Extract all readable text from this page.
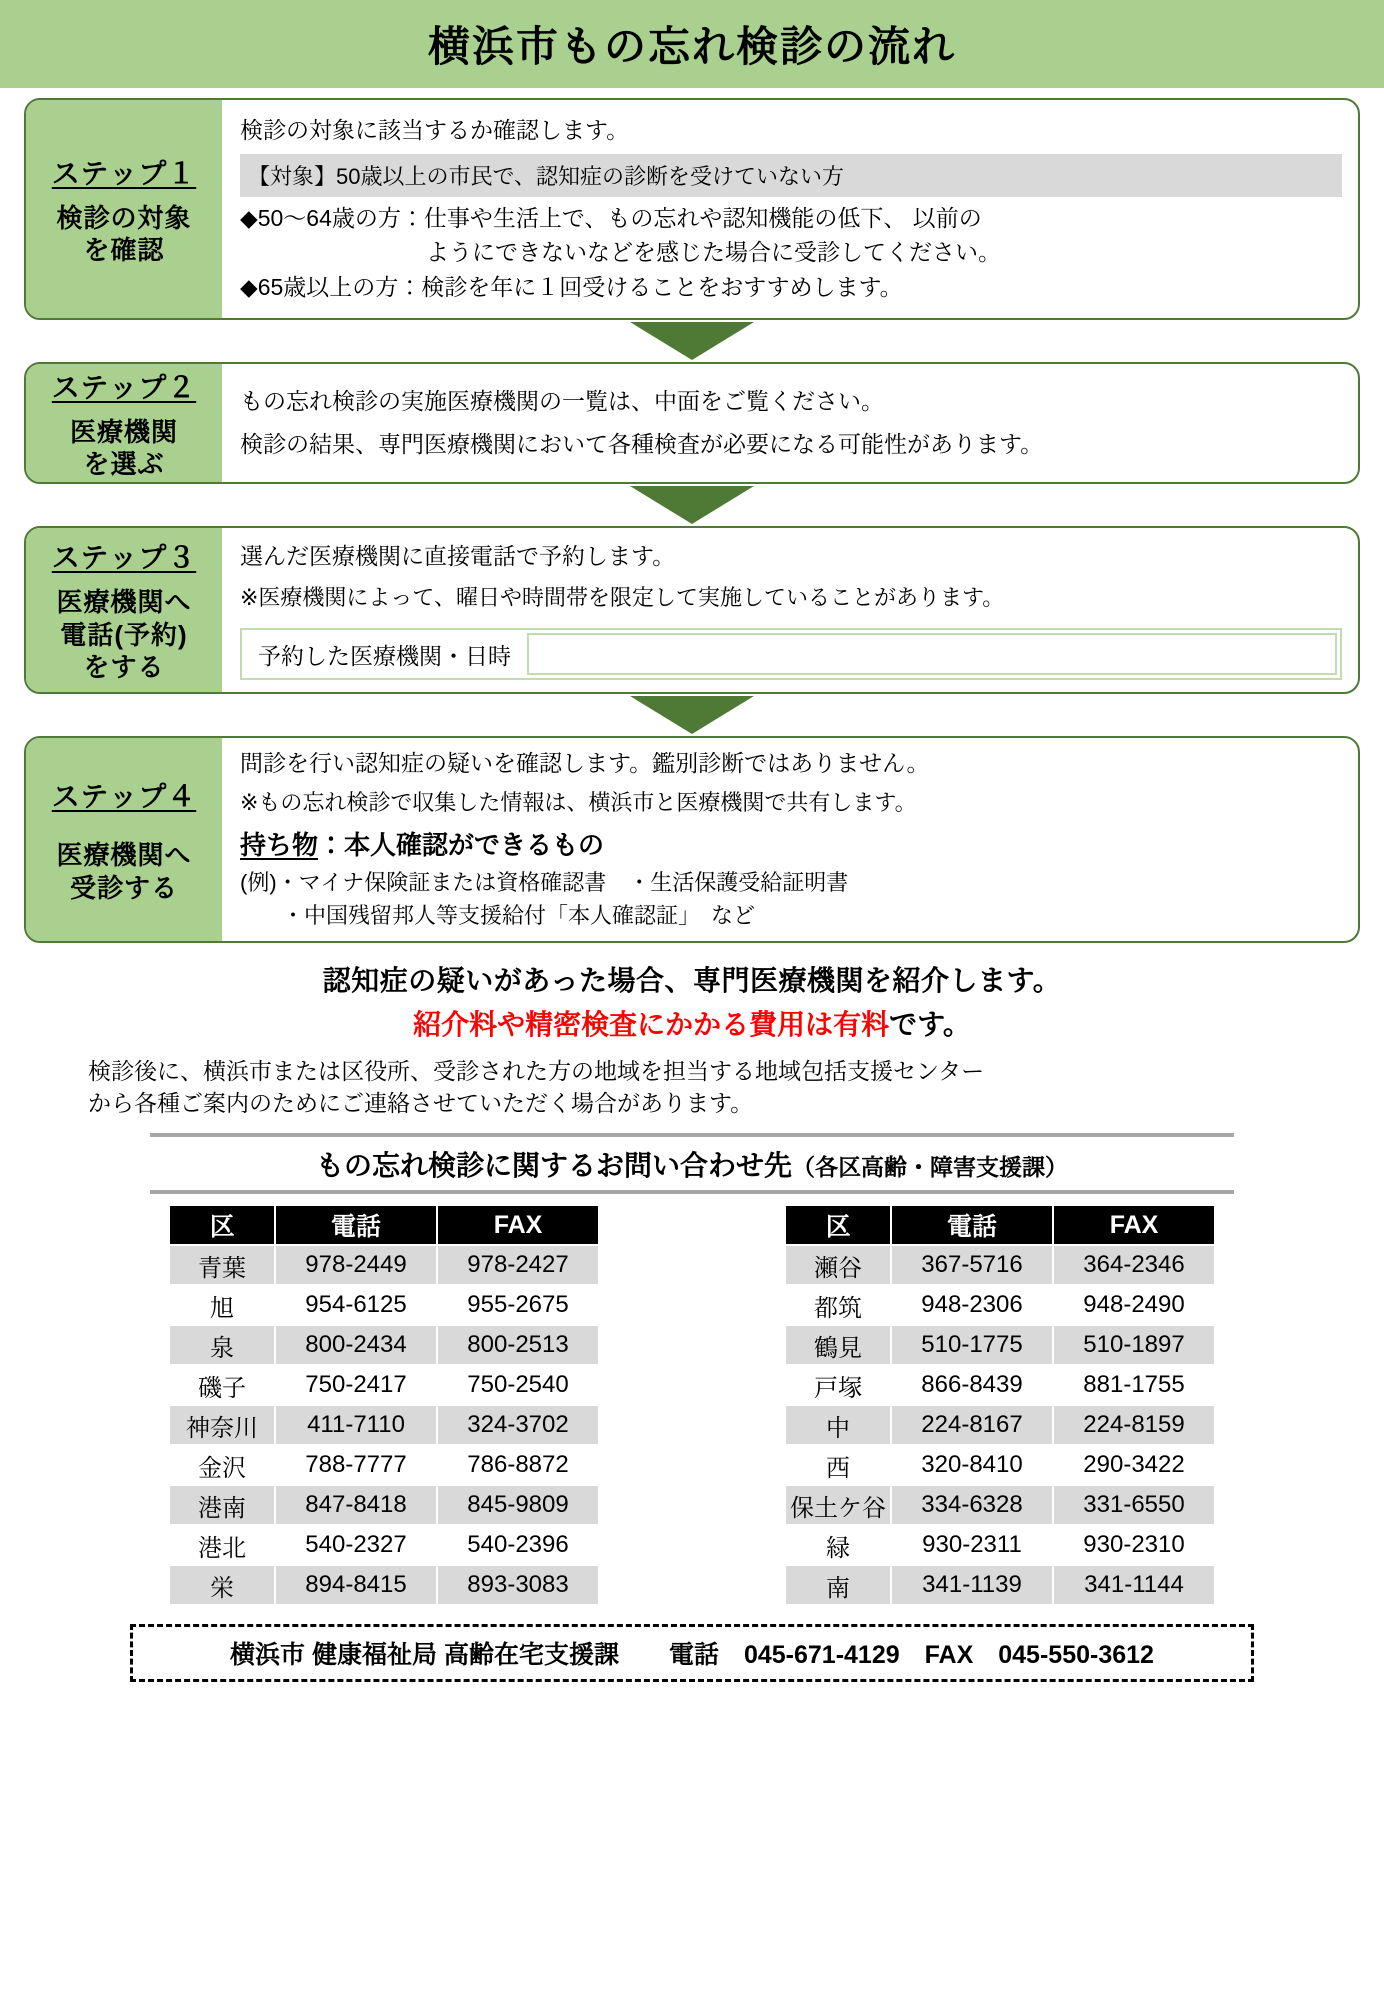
横浜市もの忘れ検診の流れ
ステップ１
検診の対象
を確認
検診の対象に該当するか確認します。
【対象】50歳以上の市民で、認知症の診断を受けていない方
◆50～64歳の方：仕事や生活上で、もの忘れや認知機能の低下、 以前の
ようにできないなどを感じた場合に受診してください。
◆65歳以上の方：検診を年に１回受けることをおすすめします。
ステップ２
医療機関
を選ぶ
もの忘れ検診の実施医療機関の一覧は、中面をご覧ください。
検診の結果、専門医療機関において各種検査が必要になる可能性があります。
ステップ３
医療機関へ
電話(予約)
をする
選んだ医療機関に直接電話で予約します。
※医療機関によって、曜日や時間帯を限定して実施していることがあります。
予約した医療機関・日時
ステップ４
医療機関へ
受診する
問診を行い認知症の疑いを確認します。鑑別診断ではありません。
※もの忘れ検診で収集した情報は、横浜市と医療機関で共有します。
持ち物：本人確認ができるもの
(例)・マイナ保険証または資格確認書　・生活保護受給証明書
・中国残留邦人等支援給付「本人確認証」　など
認知症の疑いがあった場合、専門医療機関を紹介します。
紹介料や精密検査にかかる費用は有料です。
検診後に、横浜市または区役所、受診された方の地域を担当する地域包括支援センター
から各種ご案内のためにご連絡させていただく場合があります。
もの忘れ検診に関するお問い合わせ先（各区高齢・障害支援課）
区	電話	FAX
青葉	978-2449	978-2427
旭	954-6125	955-2675
泉	800-2434	800-2513
磯子	750-2417	750-2540
神奈川	411-7110	324-3702
金沢	788-7777	786-8872
港南	847-8418	845-9809
港北	540-2327	540-2396
栄	894-8415	893-3083
区	電話	FAX
瀬谷	367-5716	364-2346
都筑	948-2306	948-2490
鶴見	510-1775	510-1897
戸塚	866-8439	881-1755
中	224-8167	224-8159
西	320-8410	290-3422
保土ケ谷	334-6328	331-6550
緑	930-2311	930-2310
南	341-1139	341-1144
横浜市 健康福祉局 高齢在宅支援課　　電話　045-671-4129　FAX　045-550-3612
